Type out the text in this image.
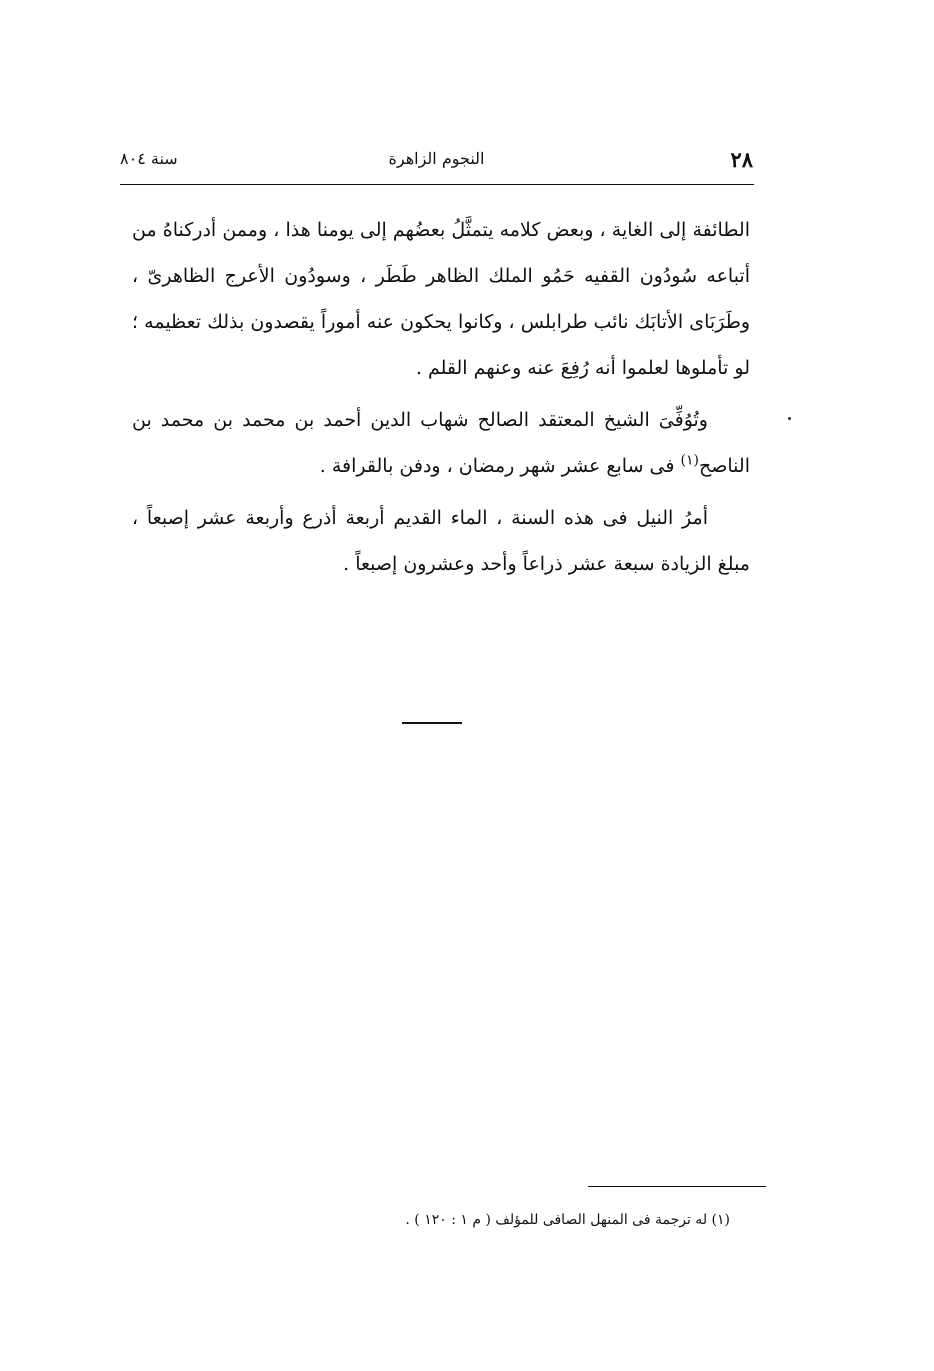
٢٨
النجوم الزاهرة
سنة ٨٠٤

الطائفة إلى الغاية ، وبعض كلامه يتمثَّلُ بعضُهم إلى يومنا هذا ، وممن أدركناهُ من أتباعه سُودُون القفيه حَمُو الملك الظاهر طَطَر ، وسودُون الأعرج الظاهرىّ ، وطَرَبَاى الأتابَك نائب طرابلس ، وكانوا يحكون عنه أموراً يقصدون بذلك تعظيمه ؛ لو تأملوها لعلموا أنه رُفِعَ عنه وعنهم القلم .

وتُوُفِّىَ الشيخ المعتقد الصالح شهاب الدين أحمد بن محمد بن محمد بن الناصح$^{(١)}$ فى سابع عشر شهر رمضان ، ودفن بالقرافة .

أمرُ النيل فى هذه السنة ، الماء القديم أربعة أذرع وأربعة عشر إصبعاً ، مبلغ الزيادة سبعة عشر ذراعاً وأحد وعشرون إصبعاً .

(١) له ترجمة فى المنهل الصافى للمؤلف ( م ١ : ١٢٠ ) .
